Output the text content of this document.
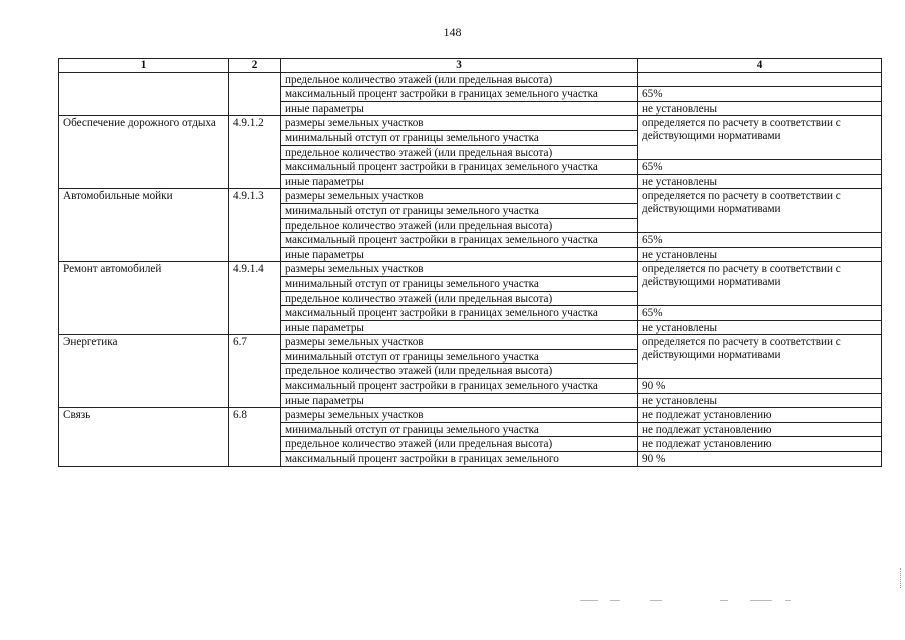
148
1	2	3	4
		предельное количество этажей (или предельная высота)	
		максимальный процент застройки в границах земельного участка	65%
		иные параметры	не установлены
Обеспечение дорожного отдыха	4.9.1.2	размеры земельных участков	определяется по расчету в соответствии с действующими нормативами
		минимальный отступ от границы земельного участка	
		предельное количество этажей (или предельная высота)	
		максимальный процент застройки в границах земельного участка	65%
		иные параметры	не установлены
Автомобильные мойки	4.9.1.3	размеры земельных участков	определяется по расчету в соответствии с действующими нормативами
		минимальный отступ от границы земельного участка	
		предельное количество этажей (или предельная высота)	
		максимальный процент застройки в границах земельного участка	65%
		иные параметры	не установлены
Ремонт автомобилей	4.9.1.4	размеры земельных участков	определяется по расчету в соответствии с действующими нормативами
		минимальный отступ от границы земельного участка	
		предельное количество этажей (или предельная высота)	
		максимальный процент застройки в границах земельного участка	65%
		иные параметры	не установлены
Энергетика	6.7	размеры земельных участков	определяется по расчету в соответствии с действующими нормативами
		минимальный отступ от границы земельного участка	
		предельное количество этажей (или предельная высота)	
		максимальный процент застройки в границах земельного участка	90 %
		иные параметры	не установлены
Связь	6.8	размеры земельных участков	не подлежат установлению
		минимальный отступ от границы земельного участка	не подлежат установлению
		предельное количество этажей (или предельная высота)	не подлежат установлению
		максимальный процент застройки в границах земельного	90 %
